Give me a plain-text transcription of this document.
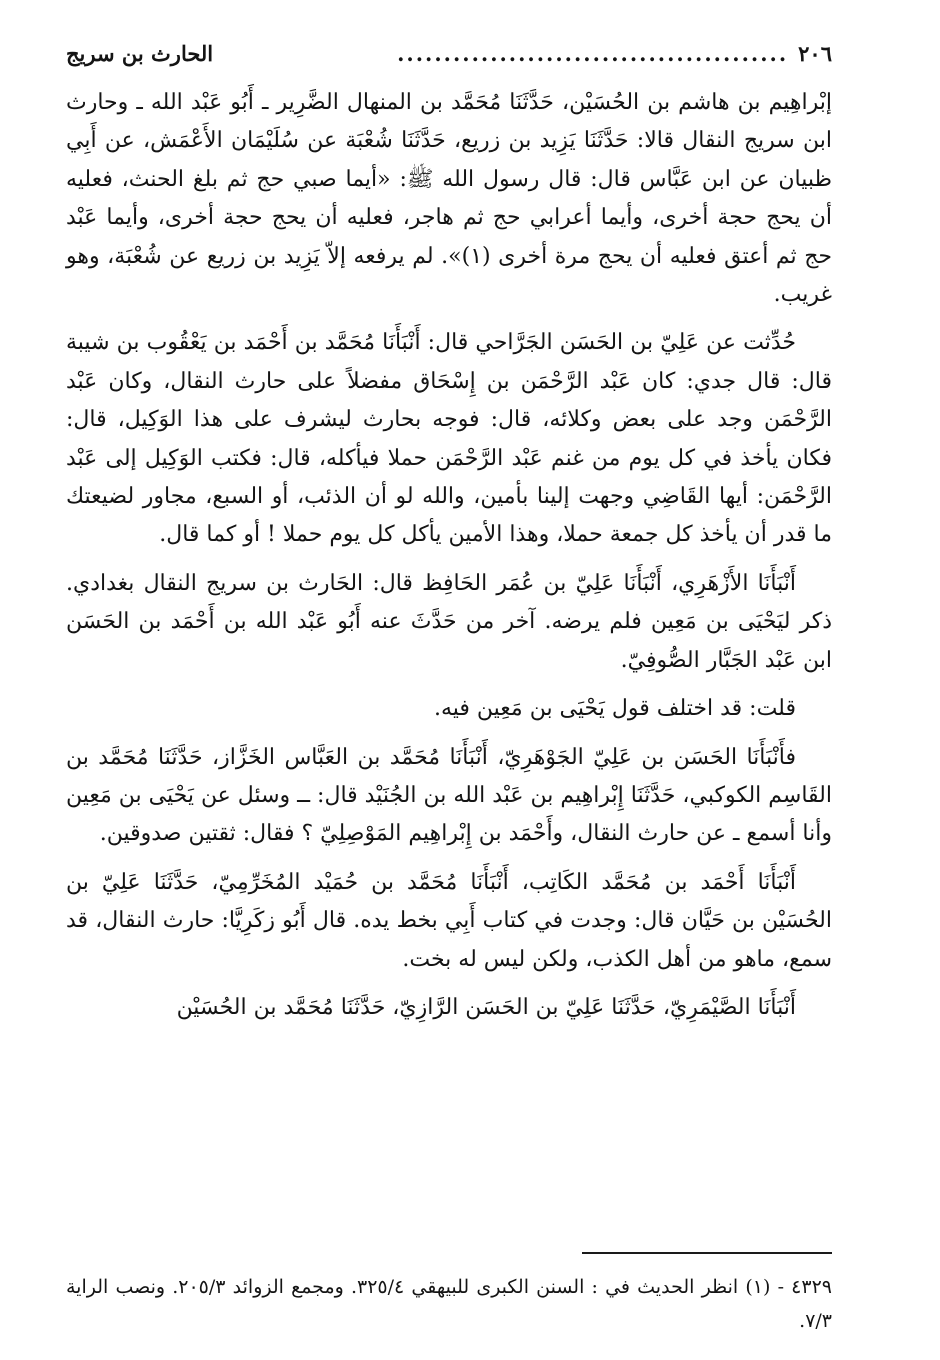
٢٠٦
..........................................
الحارث بن سريج

إبْراهِيم بن هاشم بن الحُسَيْن، حَدَّثَنَا مُحَمَّد بن المنهال الضَّرِير ـ أَبُو عَبْد الله ـ وحارث ابن سريج النقال قالا: حَدَّثَنَا يَزِيد بن زريع، حَدَّثَنَا شُعْبَة عن سُلَيْمَان الأَعْمَش، عن أَبِي ظبيان عن ابن عَبَّاس قال: قال رسول الله ﷺ: «أيما صبي حج ثم بلغ الحنث، فعليه أن يحج حجة أخرى، وأيما أعرابي حج ثم هاجر، فعليه أن يحج حجة أخرى، وأيما عَبْد حج ثم أعتق فعليه أن يحج مرة أخرى (١)». لم يرفعه إلاّ يَزِيد بن زريع عن شُعْبَة، وهو غريب.

حُدِّثت عن عَلِيّ بن الحَسَن الجَرَّاحي قال: أَنْبَأَنَا مُحَمَّد بن أَحْمَد بن يَعْقُوب بن شيبة قال: قال جدي: كان عَبْد الرَّحْمَن بن إِسْحَاق مفضلاً على حارث النقال، وكان عَبْد الرَّحْمَن وجد على بعض وكلائه، قال: فوجه بحارث ليشرف على هذا الوَكِيل، قال: فكان يأخذ في كل يوم من غنم عَبْد الرَّحْمَن حملا فيأكله، قال: فكتب الوَكِيل إلى عَبْد الرَّحْمَن: أيها القَاضِي وجهت إلينا بأمين، والله لو أن الذئب، أو السبع، مجاور لضيعتك ما قدر أن يأخذ كل جمعة حملا، وهذا الأمين يأكل كل يوم حملا ! أو كما قال.

أَنْبَأَنَا الأَزْهَرِي، أَنْبَأَنَا عَلِيّ بن عُمَر الحَافِظ قال: الحَارث بن سريج النقال بغدادي. ذكر ليَحْيَى بن مَعِين فلم يرضه. آخر من حَدَّثَ عنه أَبُو عَبْد الله بن أَحْمَد بن الحَسَن ابن عَبْد الجَبَّار الصُّوفِيّ.

قلت: قد اختلف قول يَحْيَى بن مَعِين فيه.

فأَنْبَأَنَا الحَسَن بن عَلِيّ الجَوْهَرِيّ، أَنْبَأَنَا مُحَمَّد بن العَبَّاس الخَزَّاز، حَدَّثَنَا مُحَمَّد بن القَاسِم الكوكبي، حَدَّثَنَا إِبْراهِيم بن عَبْد الله بن الجُنَيْد قال: ــ وسئل عن يَحْيَى بن مَعِين وأنا أسمع ـ عن حارث النقال، وأَحْمَد بن إِبْراهِيم المَوْصِلِيّ ؟ فقال: ثقتين صدوقين.

أَنْبَأَنَا أَحْمَد بن مُحَمَّد الكَاتِب، أَنْبَأَنَا مُحَمَّد بن حُمَيْد المُخَرِّمِيّ، حَدَّثَنَا عَلِيّ بن الحُسَيْن بن حَيَّان قال: وجدت في كتاب أَبِي بخط يده. قال أَبُو زكَرِيَّا: حارث النقال، قد سمع، ماهو من أهل الكذب، ولكن ليس له بخت.

أَنْبَأَنَا الصَّيْمَرِيّ، حَدَّثَنَا عَلِيّ بن الحَسَن الرَّازِيّ، حَدَّثَنَا مُحَمَّد بن الحُسَيْن

٤٣٢٩ - (١) انظر الحديث في : السنن الكبرى للبيهقي ٣٢٥/٤. ومجمع الزوائد ٢٠٥/٣. ونصب الراية ٧/٣.
